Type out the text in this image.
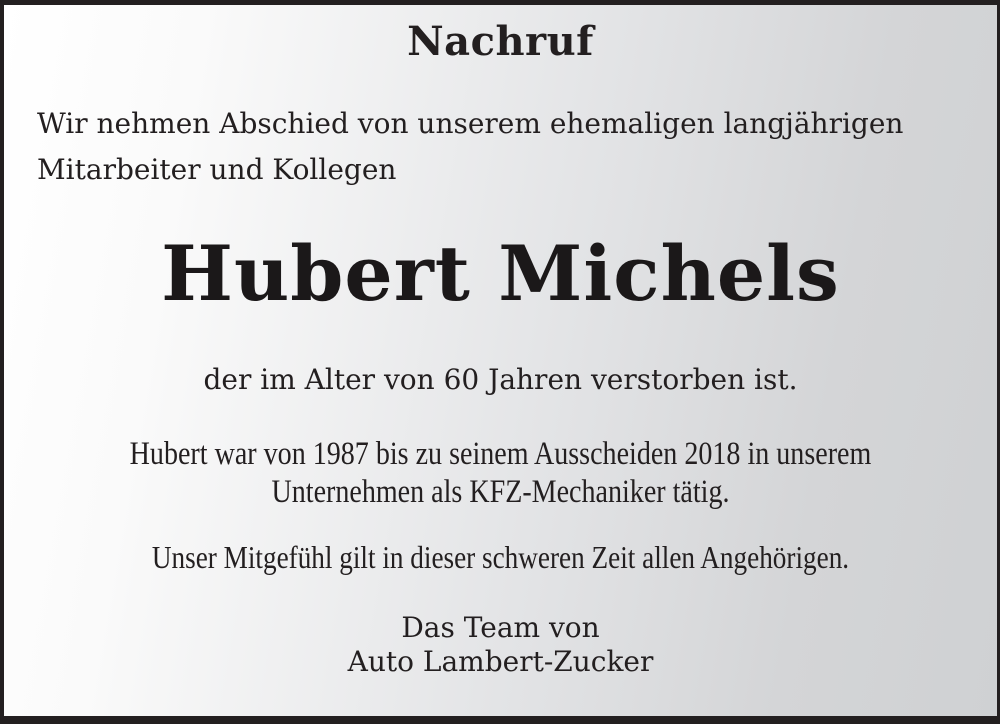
Nachruf
Wir nehmen Abschied von unserem ehemaligen langjährigen
Mitarbeiter und Kollegen
Hubert Michels
der im Alter von 60 Jahren verstorben ist.
Hubert war von 1987 bis zu seinem Ausscheiden 2018 in unserem
Unternehmen als KFZ-Mechaniker tätig.
Unser Mitgefühl gilt in dieser schweren Zeit allen Angehörigen.
Das Team von
Auto Lambert-Zucker
